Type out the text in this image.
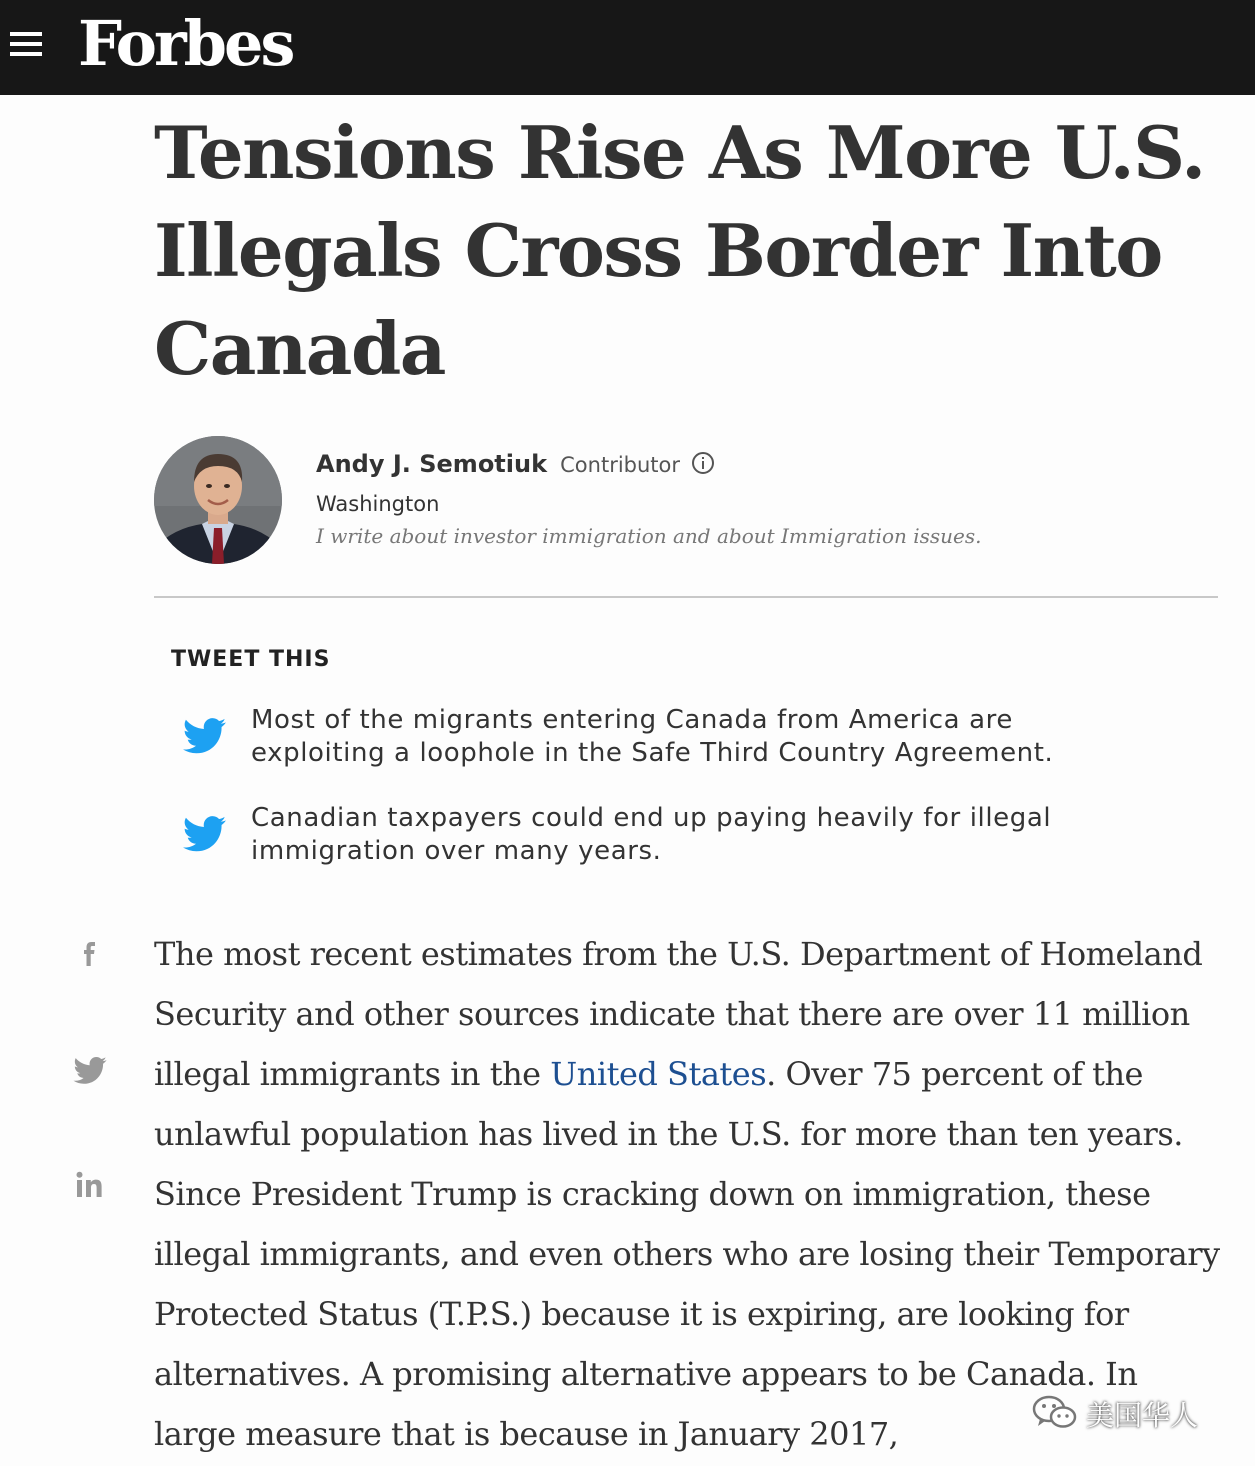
Forbes
Tensions Rise As More U.S. Illegals Cross Border Into Canada
Andy J. Semotiuk Contributor
Washington
I write about investor immigration and about Immigration issues.
TWEET THIS
Most of the migrants entering Canada from America are exploiting a loophole in the Safe Third Country Agreement.
Canadian taxpayers could end up paying heavily for illegal immigration over many years.

The most recent estimates from the U.S. Department of Homeland Security and other sources indicate that there are over 11 million illegal immigrants in the United States. Over 75 percent of the unlawful population has lived in the U.S. for more than ten years. Since President Trump is cracking down on immigration, these illegal immigrants, and even others who are losing their Temporary Protected Status (T.P.S.) because it is expiring, are looking for alternatives. A promising alternative appears to be Canada. In large measure that is because in January 2017,	美国华人
